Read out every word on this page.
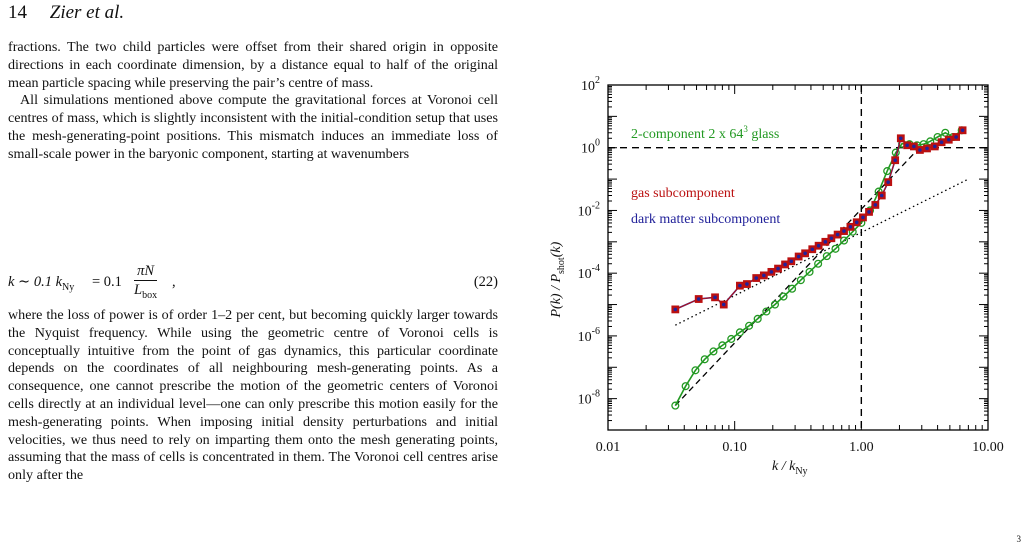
14 Zier et al.

fractions. The two child particles were offset from their shared origin in opposite directions in each coordinate dimension, by a distance equal to half of the original mean particle spacing while preserving the pair’s centre of mass.

All simulations mentioned above compute the gravitational forces at Voronoi cell centres of mass, which is slightly inconsistent with the initial-condition setup that uses the mesh-generating-point positions. This mismatch induces an immediate loss of small-scale power in the baryonic component, starting at wavenumbers

k ∼ 0.1 $k_{Ny} = 0.1$
πN
$L_{box}$
,	(22)

where the loss of power is of order 1–2 per cent, but becoming quickly larger towards the Nyquist frequency. While using the geometric centre of Voronoi cells is conceptually intuitive from the point of gas dynamics, this particular coordinate depends on the coordinates of all neighbouring mesh-generating points. As a consequence, one cannot prescribe the motion of the geometric centers of Voronoi cells directly at an individual level—one can only prescribe this motion easily for the mesh-generating points. When imposing initial density perturbations and initial velocities, we thus need to rely on imparting them onto the mesh generating points, assuming that the mass of cells is concentrated in them. The Voronoi cell centres arise only after the

0.01	0.10	1.00	10.00
$10^{-8}$
$10^{-6}$
$10^{-4}$
$10^{-2}$
$10^0$
$10^2$
k / $k_{Ny}$
$P(k) / P_{shot}(k)$
2-component 2 x $64^3$ glass
gas subcomponent
dark matter subcomponent
3
